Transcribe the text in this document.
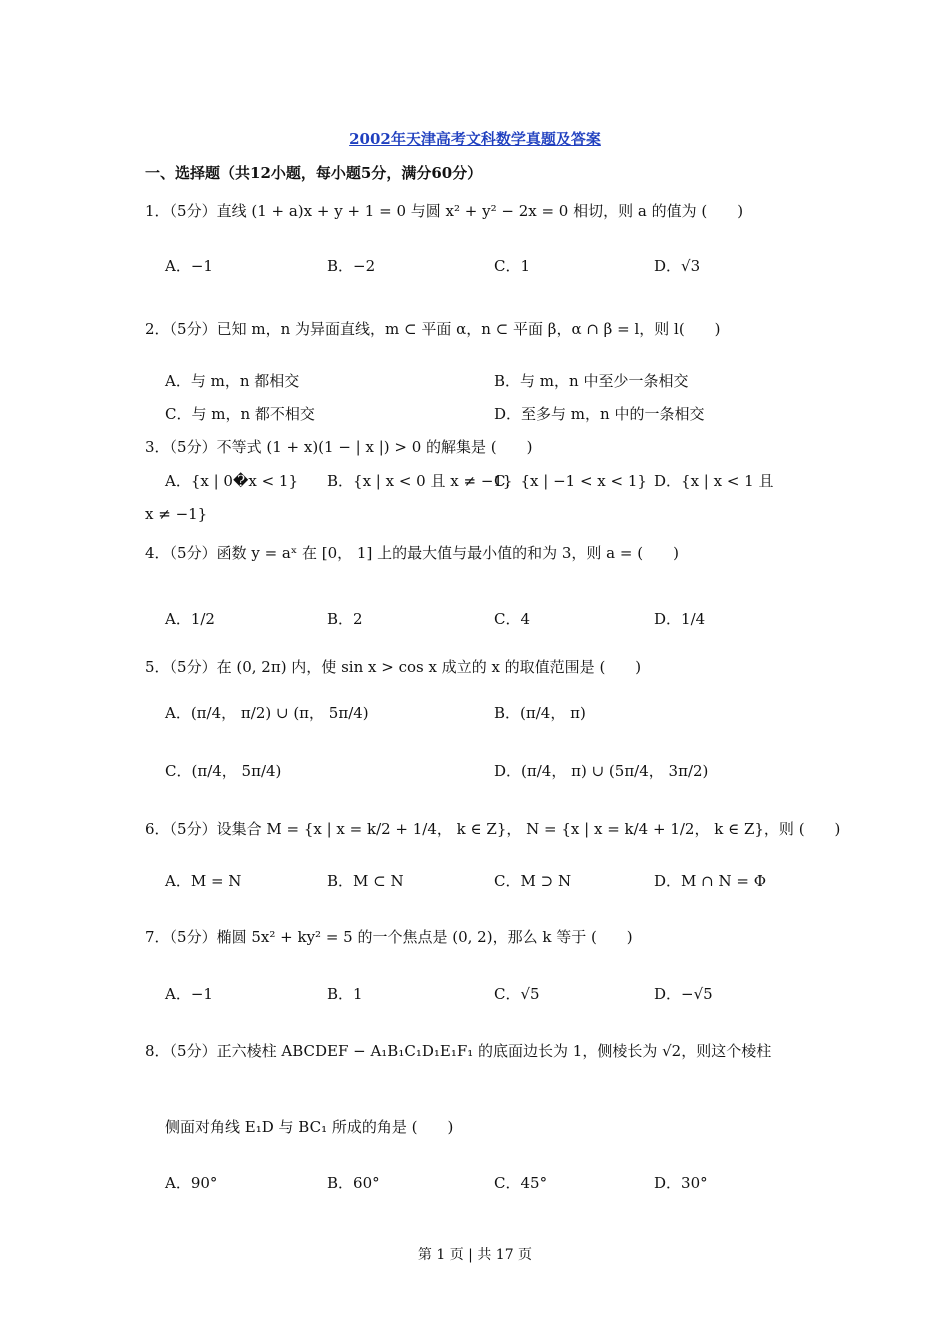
2002年天津高考文科数学真题及答案
一、选择题（共12小题，每小题5分，满分60分）
1．（5分）直线 (1 + a)x + y + 1 = 0 与圆 x² + y² − 2x = 0 相切，则 a 的值为 (　　)
A．−1	B．−2	C．1	D．√3
2．（5分）已知 m，n 为异面直线，m ⊂ 平面 α，n ⊂ 平面 β，α ∩ β = l，则 l(　　)
A．与 m，n 都相交	B．与 m，n 中至少一条相交
C．与 m，n 都不相交	D．至多与 m，n 中的一条相交
3．（5分）不等式 (1 + x)(1 − | x |) > 0 的解集是 (　　)
A．{x | 0�x < 1} B．{x | x < 0 且 x ≠ −1}
C．{x | −1 < x < 1} D．{x | x < 1 且
x ≠ −1}
4．（5分）函数 y = aˣ 在 [0， 1] 上的最大值与最小值的和为 3，则 a = (　　)
A．1/2	B．2	C．4	D．1/4
5．（5分）在 (0, 2π) 内，使 sin x > cos x 成立的 x 的取值范围是 (　　)
A．(π/4， π/2) ∪ (π， 5π/4)	B．(π/4， π)
C．(π/4， 5π/4)	D．(π/4， π) ∪ (5π/4， 3π/2)
6．（5分）设集合 M = {x | x = k/2 + 1/4， k ∈ Z}， N = {x | x = k/4 + 1/2， k ∈ Z}，则 (　　)
A．M = N	B．M ⊂ N	C．M ⊃ N	D．M ∩ N = Φ
7．（5分）椭圆 5x² + ky² = 5 的一个焦点是 (0, 2)，那么 k 等于 (　　)
A．−1	B．1	C．√5	D．−√5
8．（5分）正六棱柱 ABCDEF − A₁B₁C₁D₁E₁F₁ 的底面边长为 1，侧棱长为 √2，则这个棱柱
侧面对角线 E₁D 与 BC₁ 所成的角是 (　　)
A．90°	B．60°	C．45°	D．30°
第 1 页 | 共 17 页
